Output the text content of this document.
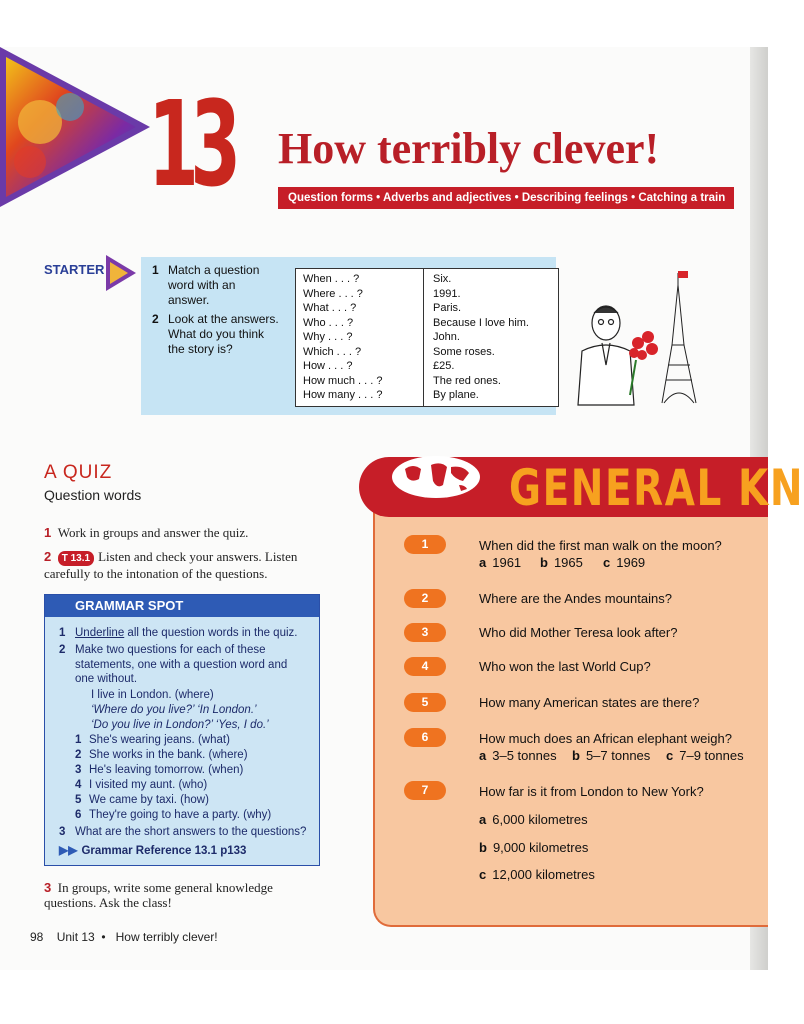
13 How terribly clever!
Question forms • Adverbs and adjectives • Describing feelings • Catching a train
STARTER	1 Match a question word with an answer.
2 Look at the answers. What do you think the story is?
When . . . ?
Where . . . ?
What . . . ?
Who . . . ?
Why . . . ?
Which . . . ?
How . . . ?
How much . . . ?
How many . . . ?
Six.
1991.
Paris.
Because I love him.
John.
Some roses.
£25.
The red ones.
By plane.
A QUIZ
Question words
1 Work in groups and answer the quiz.
2 T 13.1 Listen and check your answers. Listen carefully to the intonation of the questions.
GRAMMAR SPOT
1 Underline all the question words in the quiz.
2 Make two questions for each of these statements, one with a question word and one without.
I live in London. (where)
‘Where do you live?’ ‘In London.’
‘Do you live in London?’ ‘Yes, I do.’
1 She's wearing jeans. (what)
2 She works in the bank. (where)
3 He's leaving tomorrow. (when)
4 I visited my aunt. (who)
5 We came by taxi. (how)
6 They're going to have a party. (why)
3 What are the short answers to the questions?
▶▶ Grammar Reference 13.1 p133
3 In groups, write some general knowledge questions. Ask the class!
98 Unit 13  •   How terribly clever!
GENERAL KN
1
2
3
4
5
6
7
When did the first man walk on the moon?
a 1961 b 1965 c 1969
Where are the Andes mountains?
Who did Mother Teresa look after?
Who won the last World Cup?
How many American states are there?
How much does an African elephant weigh?
a 3–5 tonnes b 5–7 tonnes c 7–9 tonnes
How far is it from London to New York?
a 6,000 kilometres
b 9,000 kilometres
c 12,000 kilometres
